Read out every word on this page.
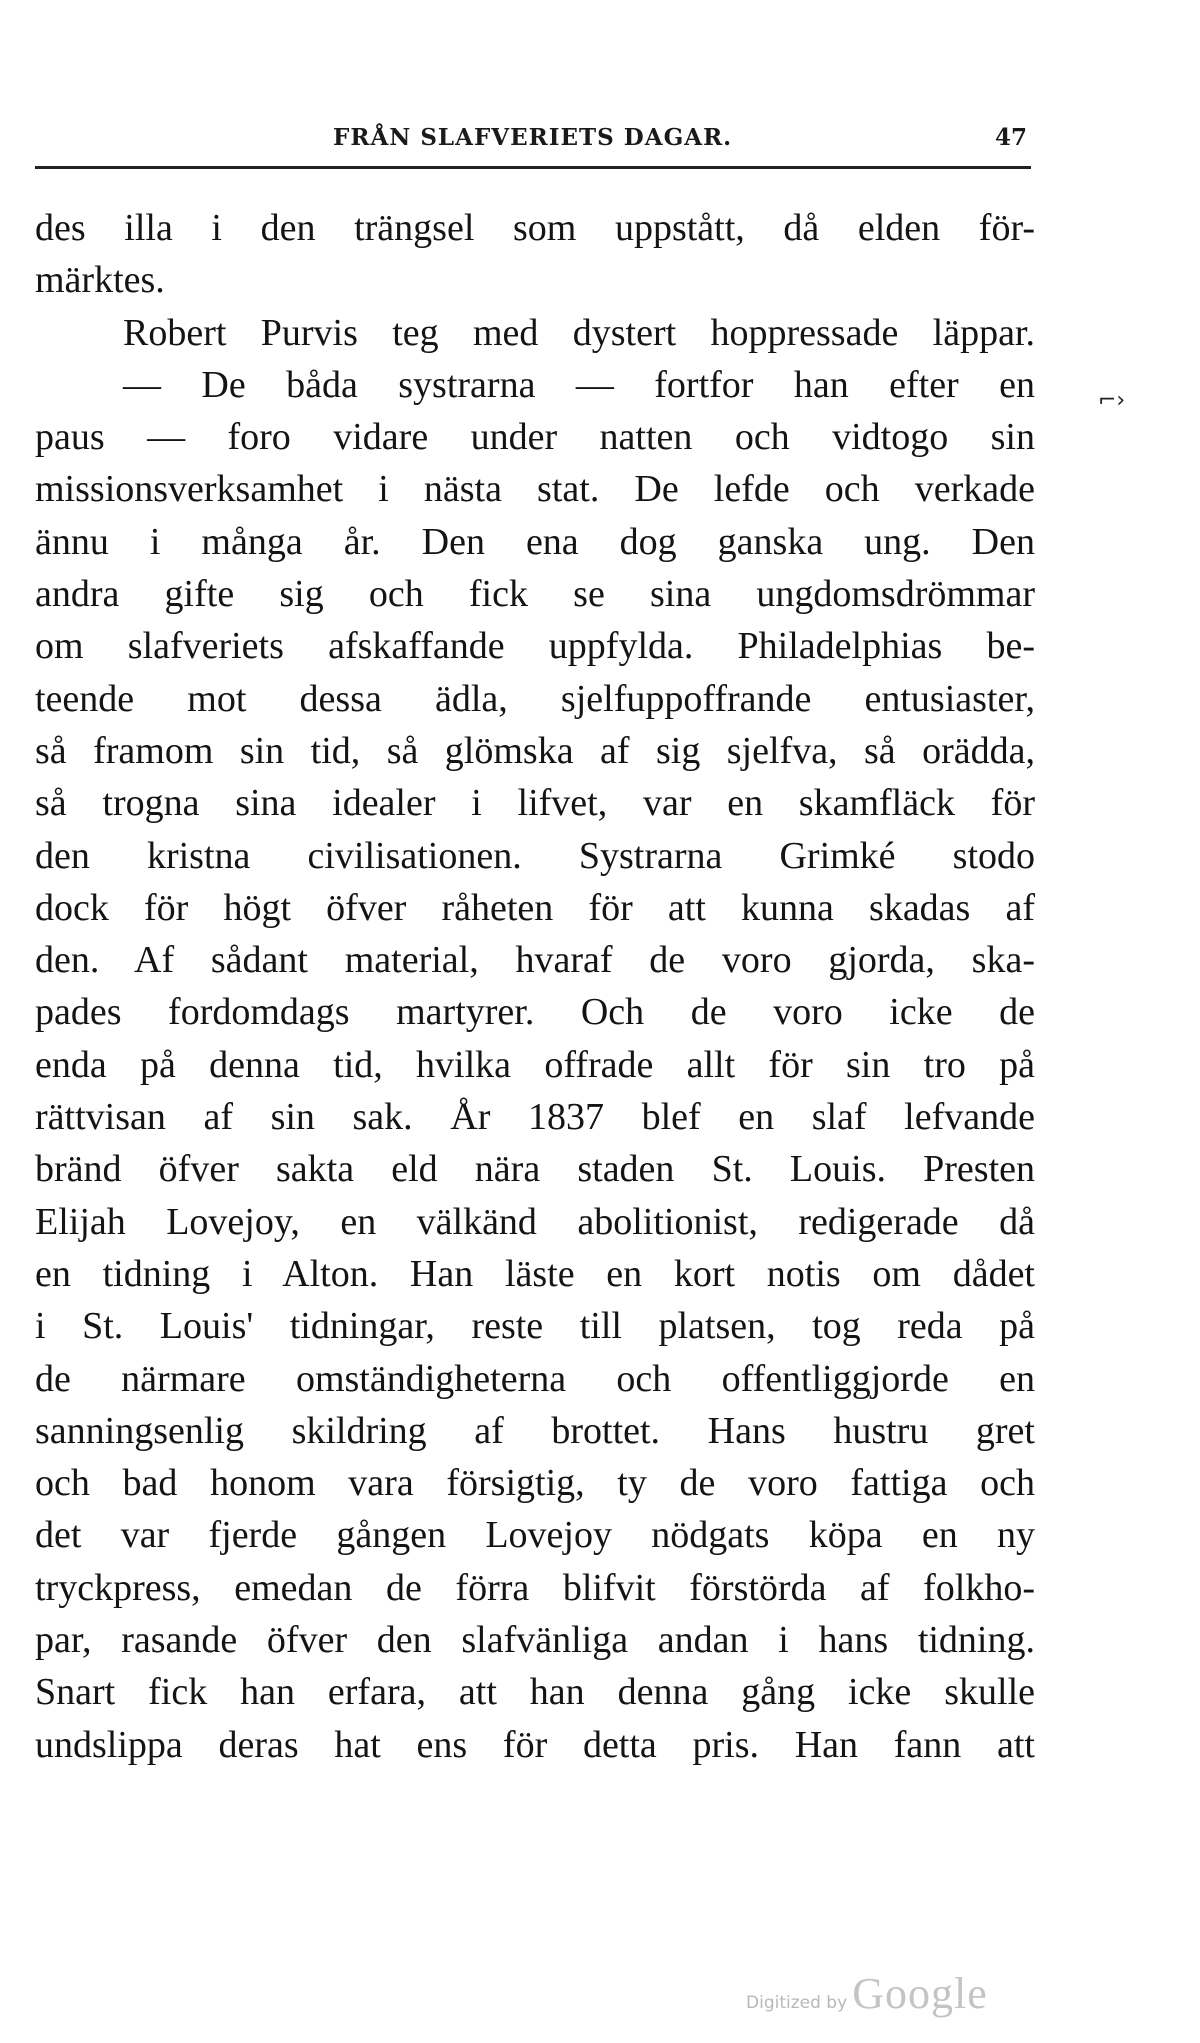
FRÅN SLAFVERIETS DAGAR.	47
⌐›
des illa i den trängsel som uppstått, då elden för-
märktes.
Robert Purvis teg med dystert hoppressade läppar.
— De båda systrarna — fortfor han efter en
paus — foro vidare under natten och vidtogo sin
missionsverksamhet i nästa stat. De lefde och verkade
ännu i många år. Den ena dog ganska ung. Den
andra gifte sig och fick se sina ungdomsdrömmar
om slafveriets afskaffande uppfylda. Philadelphias be-
teende mot dessa ädla, sjelfuppoffrande entusiaster,
så framom sin tid, så glömska af sig sjelfva, så orädda,
så trogna sina idealer i lifvet, var en skamfläck för
den kristna civilisationen. Systrarna Grimké stodo
dock för högt öfver råheten för att kunna skadas af
den. Af sådant material, hvaraf de voro gjorda, ska-
pades fordomdags martyrer. Och de voro icke de
enda på denna tid, hvilka offrade allt för sin tro på
rättvisan af sin sak. År 1837 blef en slaf lefvande
bränd öfver sakta eld nära staden St. Louis. Presten
Elijah Lovejoy, en välkänd abolitionist, redigerade då
en tidning i Alton. Han läste en kort notis om dådet
i St. Louis' tidningar, reste till platsen, tog reda på
de närmare omständigheterna och offentliggjorde en
sanningsenlig skildring af brottet. Hans hustru gret
och bad honom vara försigtig, ty de voro fattiga och
det var fjerde gången Lovejoy nödgats köpa en ny
tryckpress, emedan de förra blifvit förstörda af folkho-
par, rasande öfver den slafvänliga andan i hans tidning.
Snart fick han erfara, att han denna gång icke skulle
undslippa deras hat ens för detta pris. Han fann att
Digitized by Google
